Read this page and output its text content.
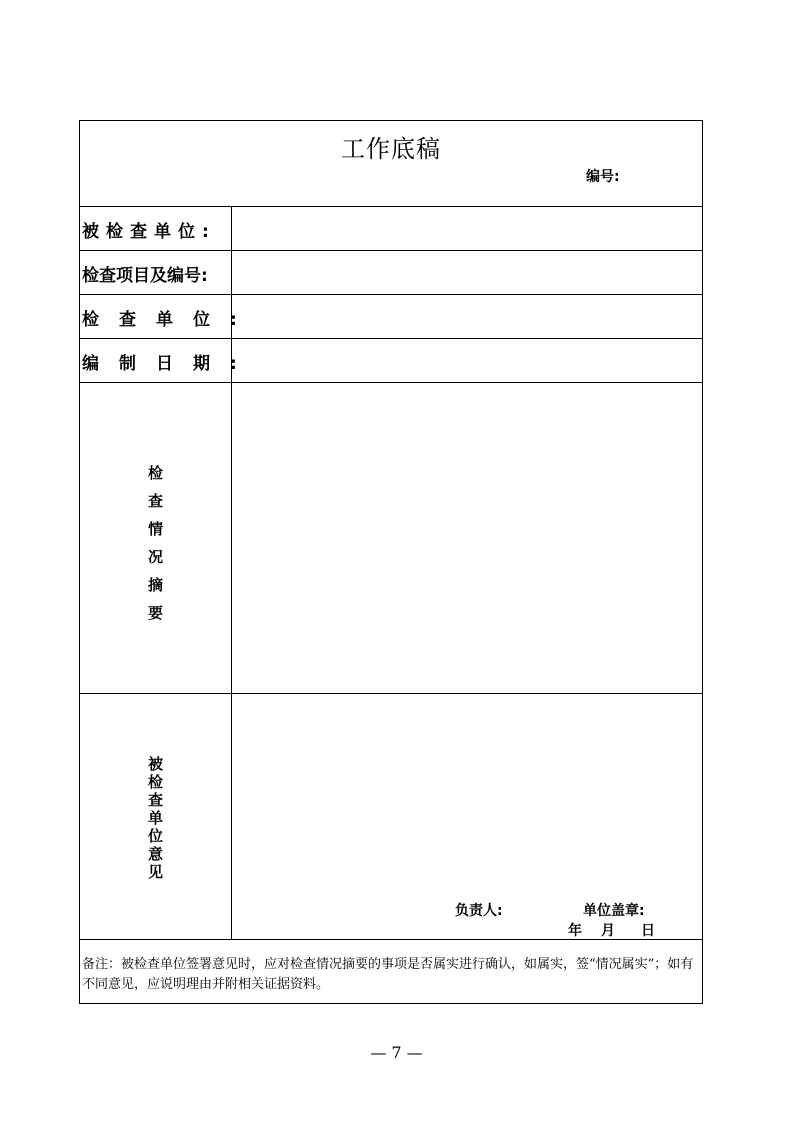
工作底稿
编号:
被检查单位:
检查项目及编号:
检查单位:
编制日期:
检
查
情
况
摘
要
被
检
查
单
位
意
见
负责人:	单位盖章:
年 月 日
备注：被检查单位签署意见时，应对检查情况摘要的事项是否属实进行确认，如属实，签“情况属实”；如有不同意见，应说明理由并附相关证据资料。
— 7 —
